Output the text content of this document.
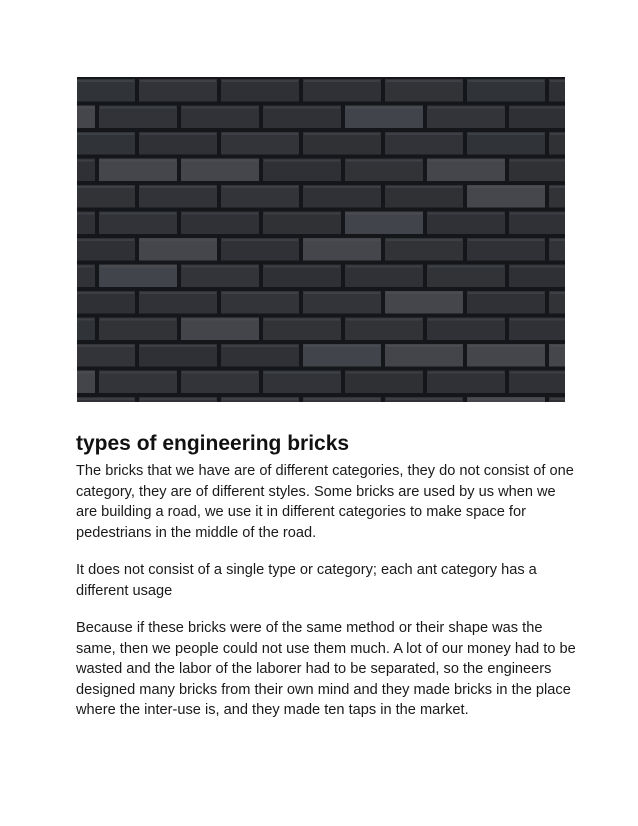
types of engineering bricks

The bricks that we have are of different categories, they do not consist of one category, they are of different styles. Some bricks are used by us when we are building a road, we use it in different categories to make space for pedestrians in the middle of the road.

It does not consist of a single type or category; each ant category has a different usage

Because if these bricks were of the same method or their shape was the same, then we people could not use them much. A lot of our money had to be wasted and the labor of the laborer had to be separated, so the engineers designed many bricks from their own mind and they made bricks in the place where the inter-use is, and they made ten taps in the market.
